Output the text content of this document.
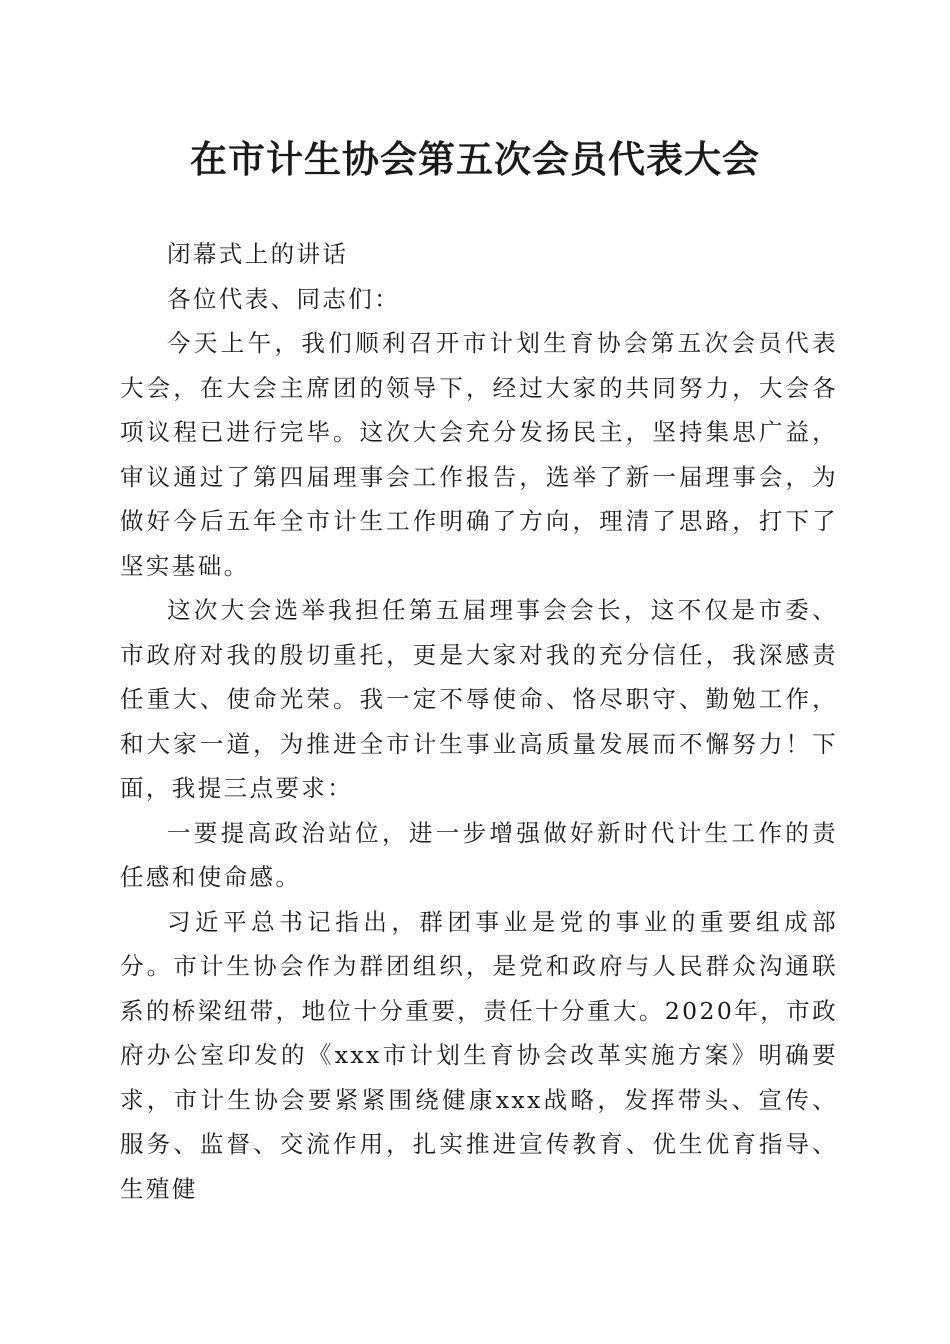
在市计生协会第五次会员代表大会

闭幕式上的讲话

各位代表、同志们：

今天上午，我们顺利召开市计划生育协会第五次会员代表大会，在大会主席团的领导下，经过大家的共同努力，大会各项议程已进行完毕。这次大会充分发扬民主，坚持集思广益，审议通过了第四届理事会工作报告，选举了新一届理事会，为做好今后五年全市计生工作明确了方向，理清了思路，打下了坚实基础。

这次大会选举我担任第五届理事会会长，这不仅是市委、市政府对我的殷切重托，更是大家对我的充分信任，我深感责任重大、使命光荣。我一定不辱使命、恪尽职守、勤勉工作，和大家一道，为推进全市计生事业高质量发展而不懈努力！下面，我提三点要求：

一要提高政治站位，进一步增强做好新时代计生工作的责任感和使命感。

习近平总书记指出，群团事业是党的事业的重要组成部分。市计生协会作为群团组织，是党和政府与人民群众沟通联系的桥梁纽带，地位十分重要，责任十分重大。2020年，市政府办公室印发的《xxx市计划生育协会改革实施方案》明确要求，市计生协会要紧紧围绕健康xxx战略，发挥带头、宣传、服务、监督、交流作用，扎实推进宣传教育、优生优育指导、生殖健
